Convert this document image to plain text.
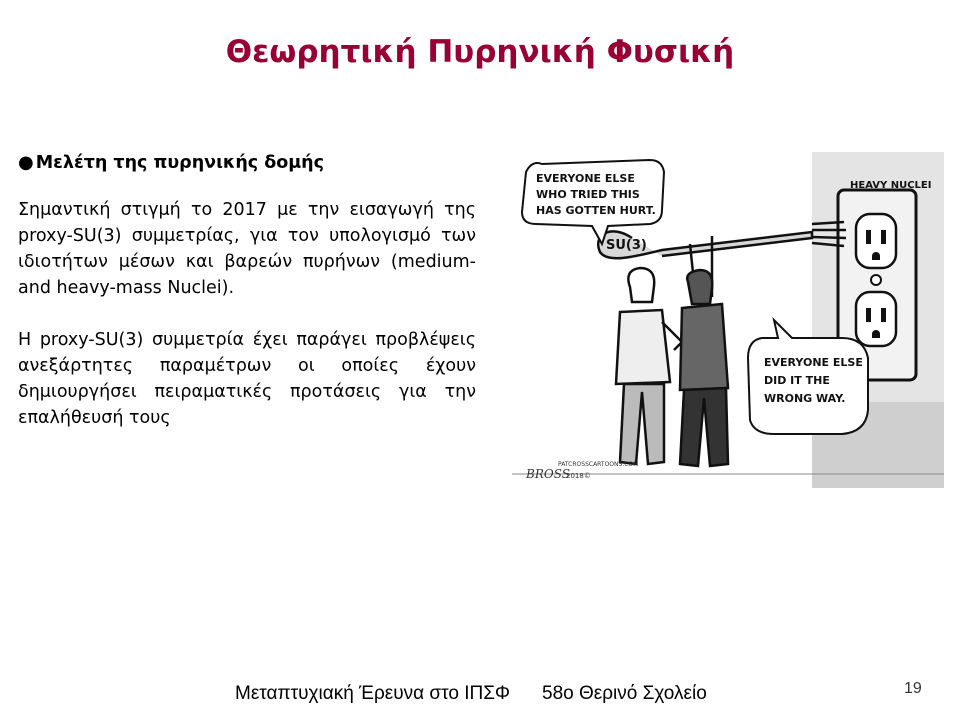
Θεωρητική Πυρηνική Φυσική
● Μελέτη της πυρηνικής δομής

Σημαντική στιγμή το 2017 με την εισαγωγή της proxy-SU(3) συμμετρίας, για τον υπολογισμό των ιδιοτήτων μέσων και βαρεών πυρήνων (medium-and heavy-mass Nuclei).

Η proxy-SU(3) συμμετρία έχει παράγει προβλέψεις ανεξάρτητες παραμέτρων οι οποίες έχουν δημιουργήσει πειραματικές προτάσεις για την επαλήθευσή τους

HEAVY NUCLEI
SU(3)
EVERYONE ELSE
WHO TRIED THIS
HAS GOTTEN HURT.
EVERYONE ELSE
DID IT THE
WRONG WAY.
BROSS
PATCROSSCARTOONS.COM
2018©
Μεταπτυχιακή Έρευνα στο ΙΠΣΦ 58ο Θερινό Σχολείο	19
